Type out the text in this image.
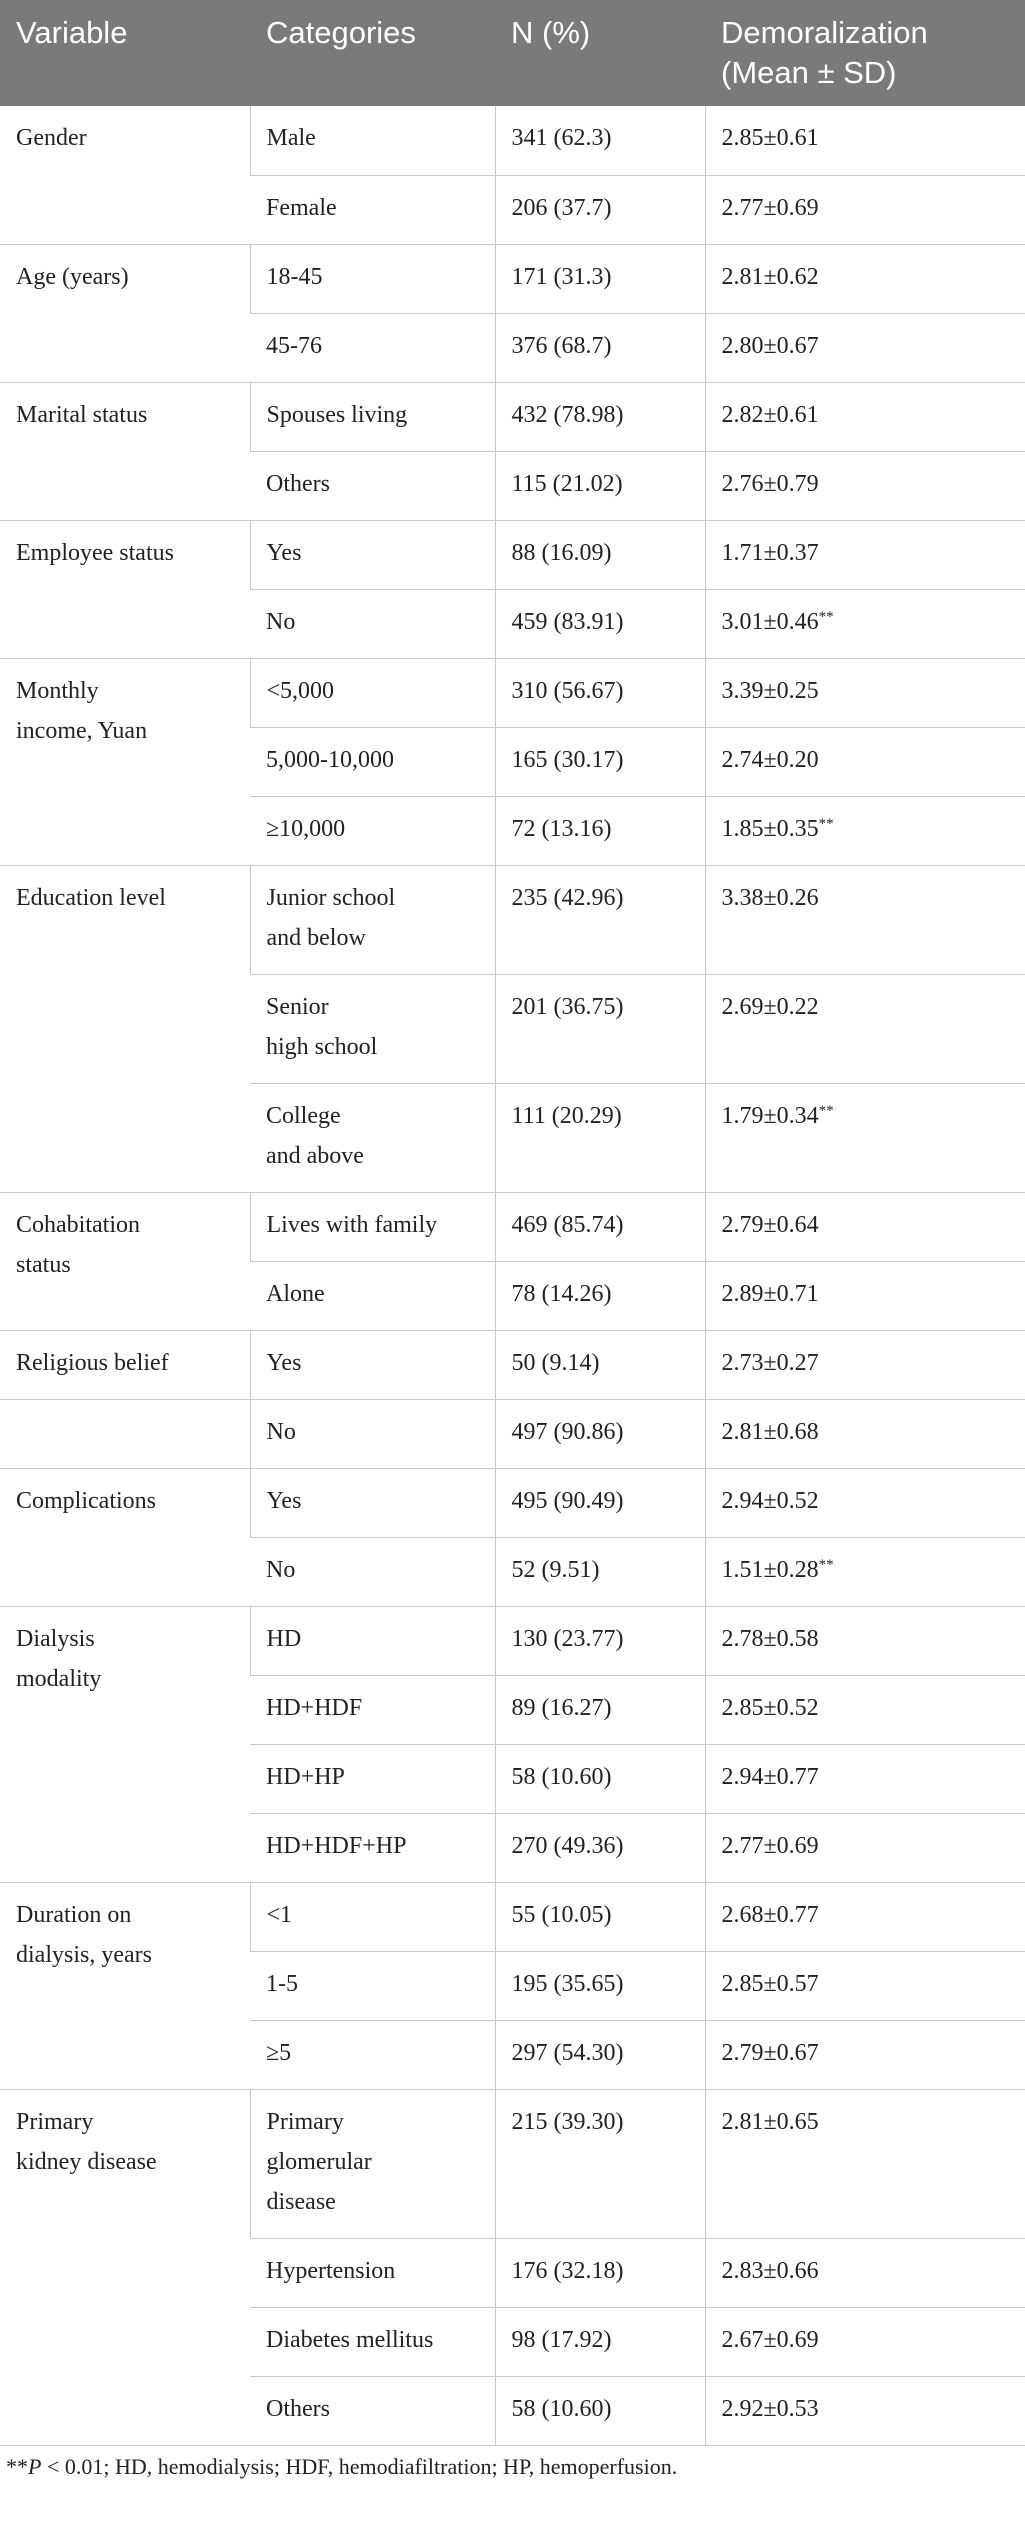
Variable	Categories	N (%)	Demoralization
(Mean ± SD)
Gender	Male	341 (62.3)	2.85±0.61
	Female	206 (37.7)	2.77±0.69
Age (years)	18-45	171 (31.3)	2.81±0.62
	45-76	376 (68.7)	2.80±0.67
Marital status	Spouses living	432 (78.98)	2.82±0.61
	Others	115 (21.02)	2.76±0.79
Employee status	Yes	88 (16.09)	1.71±0.37
	No	459 (83.91)	3.01±0.46**
Monthly
income, Yuan	<5,000	310 (56.67)	3.39±0.25
	5,000-10,000	165 (30.17)	2.74±0.20
	≥10,000	72 (13.16)	1.85±0.35**
Education level	Junior school
and below	235 (42.96)	3.38±0.26
	Senior
high school	201 (36.75)	2.69±0.22
	College
and above	111 (20.29)	1.79±0.34**
Cohabitation
status	Lives with family	469 (85.74)	2.79±0.64
	Alone	78 (14.26)	2.89±0.71
Religious belief	Yes	50 (9.14)	2.73±0.27
	No	497 (90.86)	2.81±0.68
Complications	Yes	495 (90.49)	2.94±0.52
	No	52 (9.51)	1.51±0.28**
Dialysis
modality	HD	130 (23.77)	2.78±0.58
	HD+HDF	89 (16.27)	2.85±0.52
	HD+HP	58 (10.60)	2.94±0.77
	HD+HDF+HP	270 (49.36)	2.77±0.69
Duration on
dialysis, years	<1	55 (10.05)	2.68±0.77
	1-5	195 (35.65)	2.85±0.57
	≥5	297 (54.30)	2.79±0.67
Primary
kidney disease	Primary
glomerular
disease	215 (39.30)	2.81±0.65
	Hypertension	176 (32.18)	2.83±0.66
	Diabetes mellitus	98 (17.92)	2.67±0.69
	Others	58 (10.60)	2.92±0.53
**P < 0.01; HD, hemodialysis; HDF, hemodiafiltration; HP, hemoperfusion.
